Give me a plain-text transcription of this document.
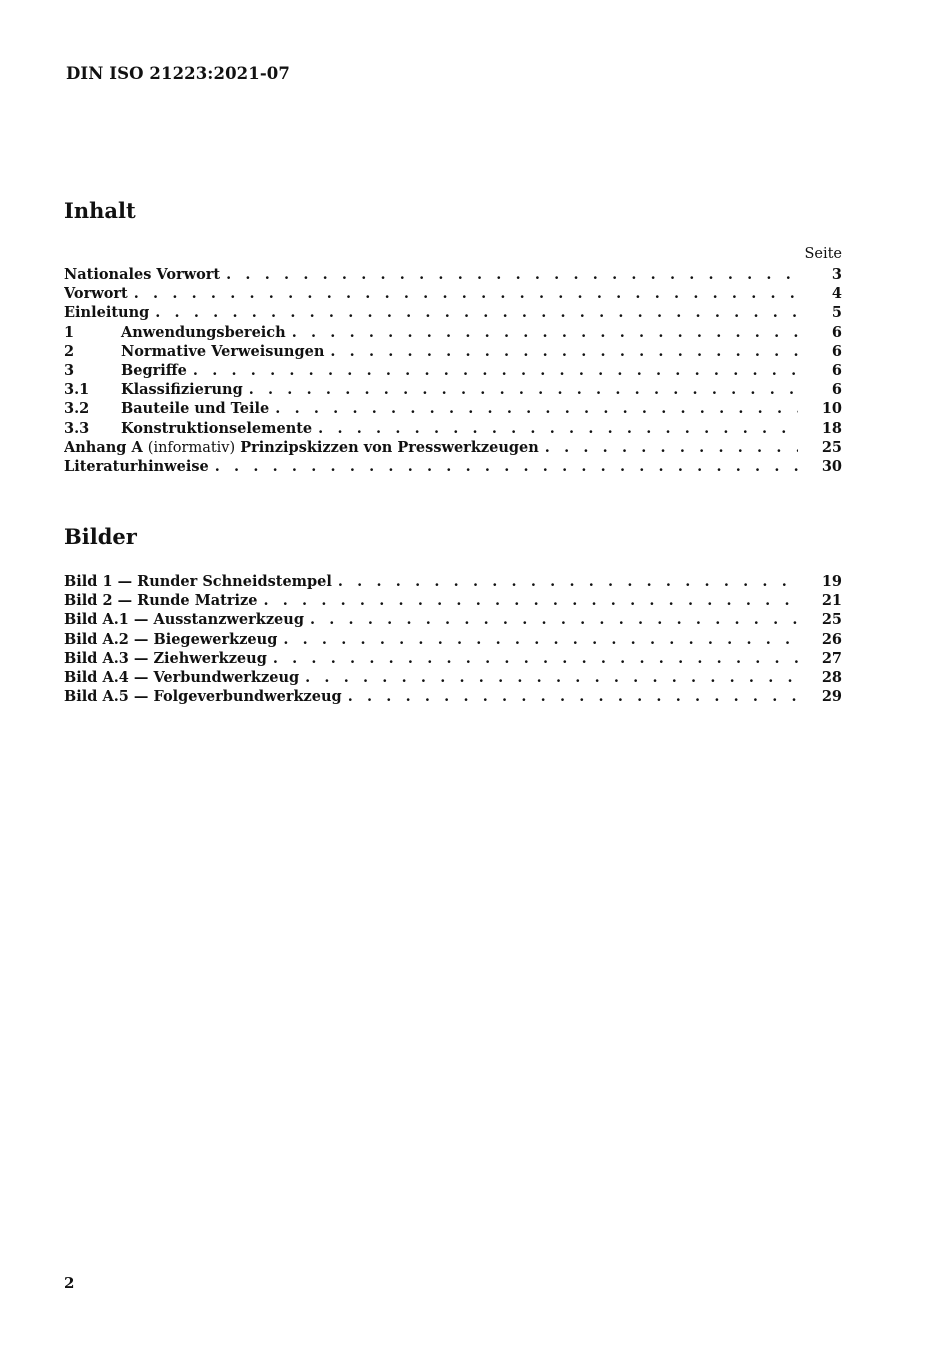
DIN ISO 21223:2021-07
Inhalt
Seite
Nationales Vorwort . . .	3
Vorwort . . .	4
Einleitung . . .	5
1	Anwendungsbereich . . .	6
2	Normative Verweisungen . . .	6
3	Begriffe . . .	6
3.1	Klassifizierung . . .	6
3.2	Bauteile und Teile . . .	10
3.3	Konstruktionselemente . . .	18
Anhang A (informativ) Prinzipskizzen von Presswerkzeugen . . .	25
Literaturhinweise . . .	30
Bilder
Bild 1 — Runder Schneidstempel . . .	19
Bild 2 — Runde Matrize . . .	21
Bild A.1 — Ausstanzwerkzeug . . .	25
Bild A.2 — Biegewerkzeug . . .	26
Bild A.3 — Ziehwerkzeug . . .	27
Bild A.4 — Verbundwerkzeug . . .	28
Bild A.5 — Folgeverbundwerkzeug . . .	29
2
